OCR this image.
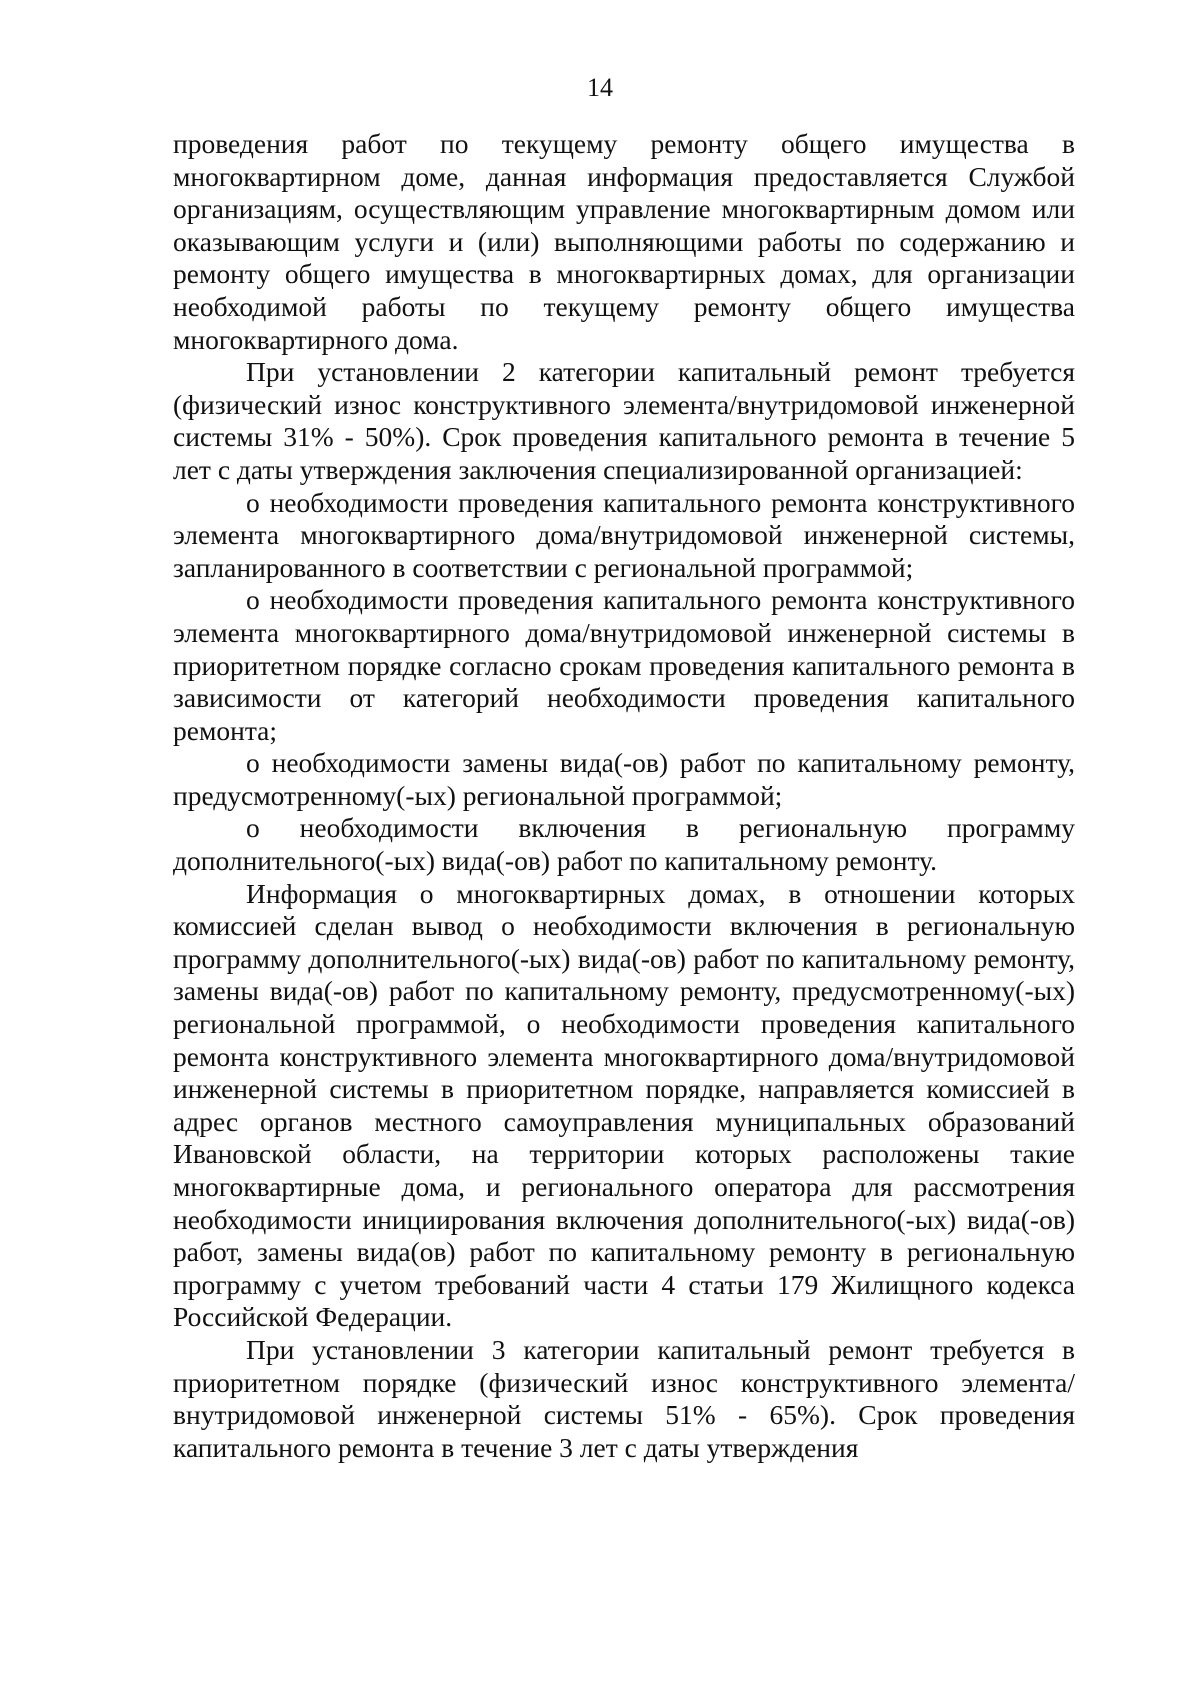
14

проведения работ по текущему ремонту общего имущества в многоквартирном доме, данная информация предоставляется Службой организациям, осуществляющим управление многоквартирным домом или оказывающим услуги и (или) выполняющими работы по содержанию и ремонту общего имущества в многоквартирных домах, для организации необходимой работы по текущему ремонту общего имущества многоквартирного дома.

При установлении 2 категории капитальный ремонт требуется (физический износ конструктивного элемента/внутридомовой инженерной системы 31% - 50%). Срок проведения капитального ремонта в течение 5 лет с даты утверждения заключения специализированной организацией:

о необходимости проведения капитального ремонта конструктивного элемента многоквартирного дома/внутридомовой инженерной системы, запланированного в соответствии с региональной программой;

о необходимости проведения капитального ремонта конструктивного элемента многоквартирного дома/внутридомовой инженерной системы в приоритетном порядке согласно срокам проведения капитального ремонта в зависимости от категорий необходимости проведения капитального ремонта;

о необходимости замены вида(-ов) работ по капитальному ремонту, предусмотренному(-ых) региональной программой;

о необходимости включения в региональную программу дополнительного(-ых) вида(-ов) работ по капитальному ремонту.

Информация о многоквартирных домах, в отношении которых комиссией сделан вывод о необходимости включения в региональную программу дополнительного(-ых) вида(-ов) работ по капитальному ремонту, замены вида(-ов) работ по капитальному ремонту, предусмотренному(-ых) региональной программой, о необходимости проведения капитального ремонта конструктивного элемента многоквартирного дома/внутридомовой инженерной системы в приоритетном порядке, направляется комиссией в адрес органов местного самоуправления муниципальных образований Ивановской области, на территории которых расположены такие многоквартирные дома, и регионального оператора для рассмотрения необходимости инициирования включения дополнительного(-ых) вида(-ов) работ, замены вида(ов) работ по капитальному ремонту в региональную программу с учетом требований части 4 статьи 179 Жилищного кодекса Российской Федерации.

При установлении 3 категории капитальный ремонт требуется в приоритетном порядке (физический износ конструктивного элемента/внутридомовой инженерной системы 51% - 65%). Срок проведения капитального ремонта в течение 3 лет с даты утверждения
